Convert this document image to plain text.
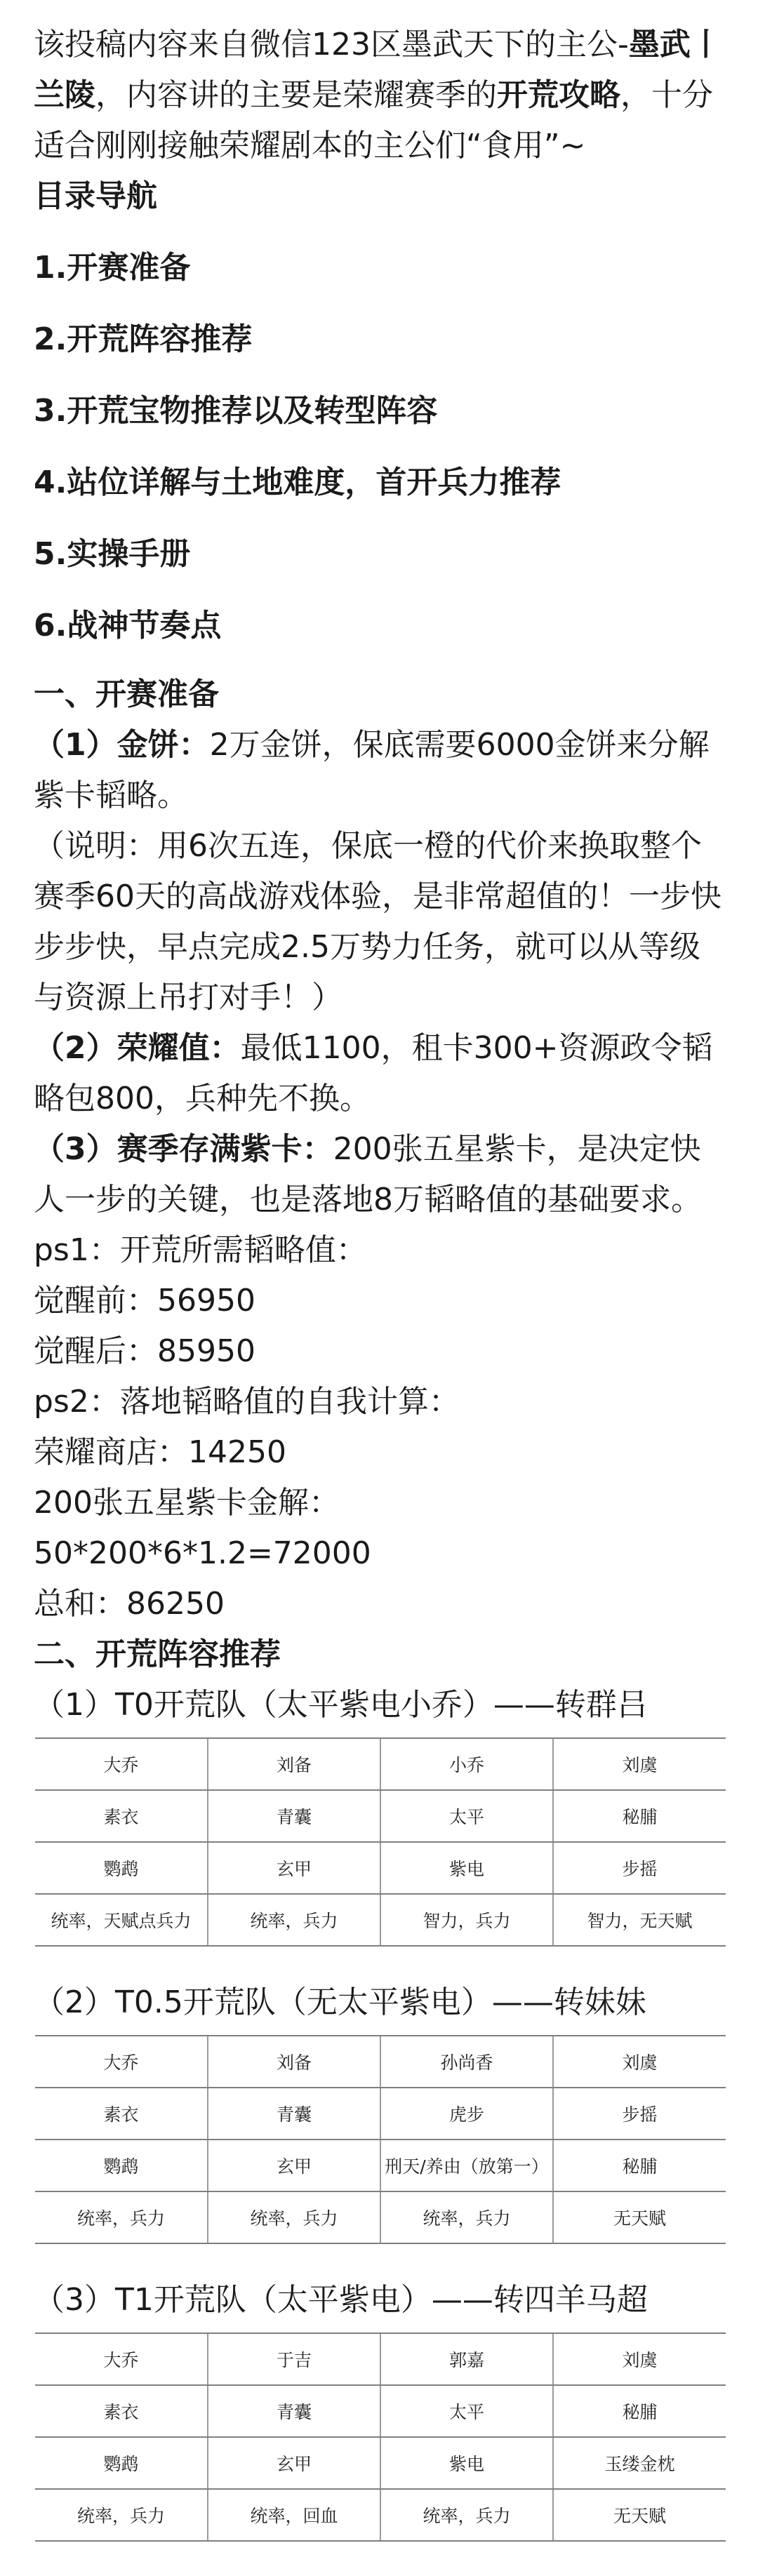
该投稿内容来自微信123区墨武天下的主公-墨武丨兰陵，内容讲的主要是荣耀赛季的开荒攻略，十分适合刚刚接触荣耀剧本的主公们“食用”~

目录导航

1.开赛准备

2.开荒阵容推荐

3.开荒宝物推荐以及转型阵容

4.站位详解与土地难度，首开兵力推荐

5.实操手册

6.战神节奏点

一、开赛准备

（1）金饼：2万金饼，保底需要6000金饼来分解紫卡韬略。

（说明：用6次五连，保底一橙的代价来换取整个赛季60天的高战游戏体验，是非常超值的！一步快步步快，早点完成2.5万势力任务，就可以从等级与资源上吊打对手！）

（2）荣耀值：最低1100，租卡300+资源政令韬略包800，兵种先不换。

（3）赛季存满紫卡：200张五星紫卡，是决定快人一步的关键，也是落地8万韬略值的基础要求。

ps1：开荒所需韬略值：

觉醒前：56950

觉醒后：85950

ps2：落地韬略值的自我计算：

荣耀商店：14250

200张五星紫卡金解：

50*200*6*1.2=72000

总和：86250

二、开荒阵容推荐

（1）T0开荒队（太平紫电小乔）——转群吕

大乔	刘备	小乔	刘虞
素衣	青囊	太平	秘脯
鹦鹉	玄甲	紫电	步摇
统率，天赋点兵力	统率，兵力	智力，兵力	智力，无天赋

（2）T0.5开荒队（无太平紫电）——转妹妹

大乔	刘备	孙尚香	刘虞
素衣	青囊	虎步	步摇
鹦鹉	玄甲	刑天/养由（放第一）	秘脯
统率，兵力	统率，兵力	统率，兵力	无天赋

（3）T1开荒队（太平紫电）——转四羊马超

大乔	于吉	郭嘉	刘虞
素衣	青囊	太平	秘脯
鹦鹉	玄甲	紫电	玉缕金枕
统率，兵力	统率，回血	统率，兵力	无天赋
